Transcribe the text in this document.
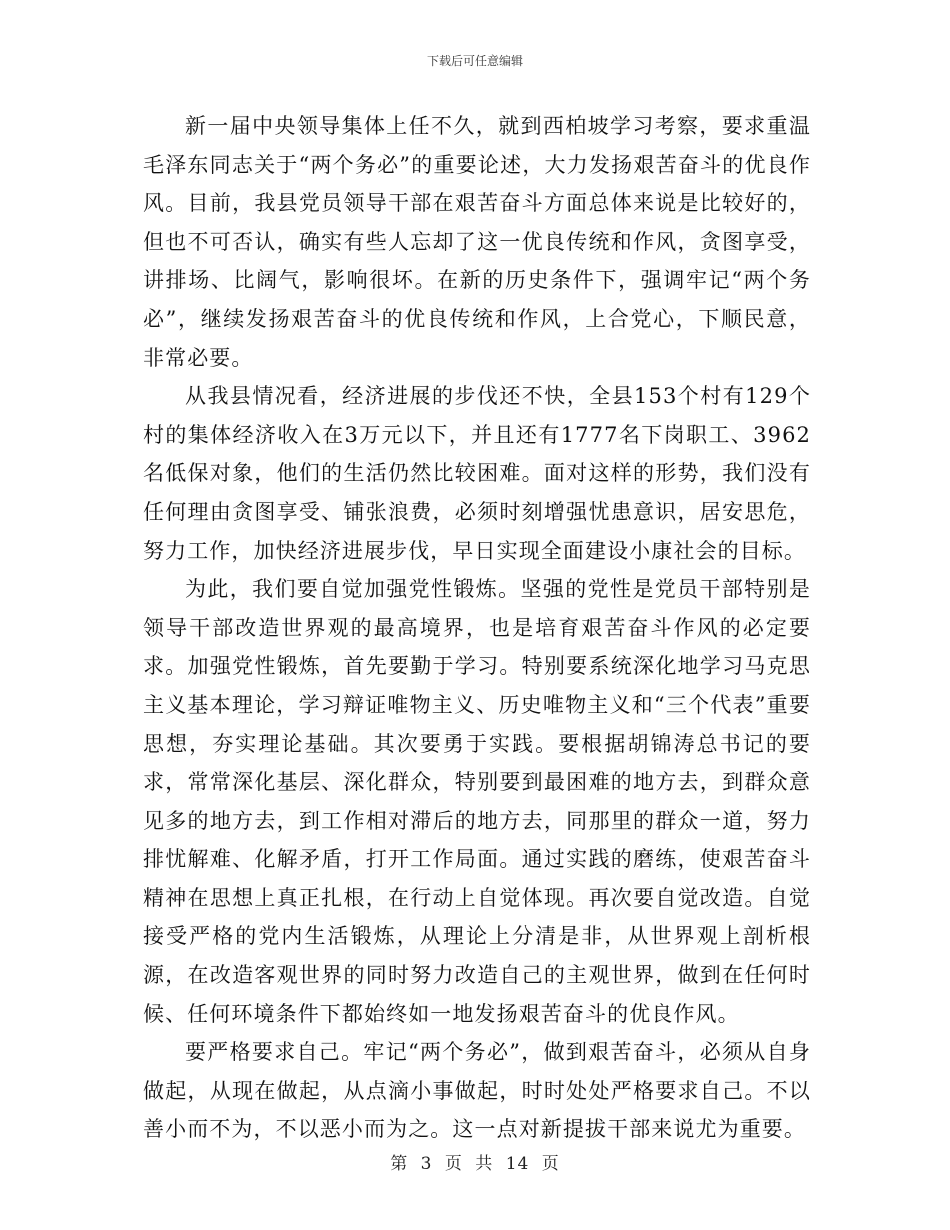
下载后可任意编辑

新一届中央领导集体上任不久，就到西柏坡学习考察，要求重温毛泽东同志关于“两个务必”的重要论述，大力发扬艰苦奋斗的优良作风。目前，我县党员领导干部在艰苦奋斗方面总体来说是比较好的，但也不可否认，确实有些人忘却了这一优良传统和作风，贪图享受，讲排场、比阔气，影响很坏。在新的历史条件下，强调牢记“两个务必”，继续发扬艰苦奋斗的优良传统和作风，上合党心，下顺民意，非常必要。

从我县情况看，经济进展的步伐还不快，全县153个村有129个村的集体经济收入在3万元以下，并且还有1777名下岗职工、3962名低保对象，他们的生活仍然比较困难。面对这样的形势，我们没有任何理由贪图享受、铺张浪费，必须时刻增强忧患意识，居安思危，努力工作，加快经济进展步伐，早日实现全面建设小康社会的目标。

为此，我们要自觉加强党性锻炼。坚强的党性是党员干部特别是领导干部改造世界观的最高境界，也是培育艰苦奋斗作风的必定要求。加强党性锻炼，首先要勤于学习。特别要系统深化地学习马克思主义基本理论，学习辩证唯物主义、历史唯物主义和“三个代表”重要思想，夯实理论基础。其次要勇于实践。要根据胡锦涛总书记的要求，常常深化基层、深化群众，特别要到最困难的地方去，到群众意见多的地方去，到工作相对滞后的地方去，同那里的群众一道，努力排忧解难、化解矛盾，打开工作局面。通过实践的磨练，使艰苦奋斗精神在思想上真正扎根，在行动上自觉体现。再次要自觉改造。自觉接受严格的党内生活锻炼，从理论上分清是非，从世界观上剖析根源，在改造客观世界的同时努力改造自己的主观世界，做到在任何时候、任何环境条件下都始终如一地发扬艰苦奋斗的优良作风。

要严格要求自己。牢记“两个务必”，做到艰苦奋斗，必须从自身做起，从现在做起，从点滴小事做起，时时处处严格要求自己。不以善小而不为，不以恶小而为之。这一点对新提拔干部来说尤为重要。

第 3 页 共 14 页
